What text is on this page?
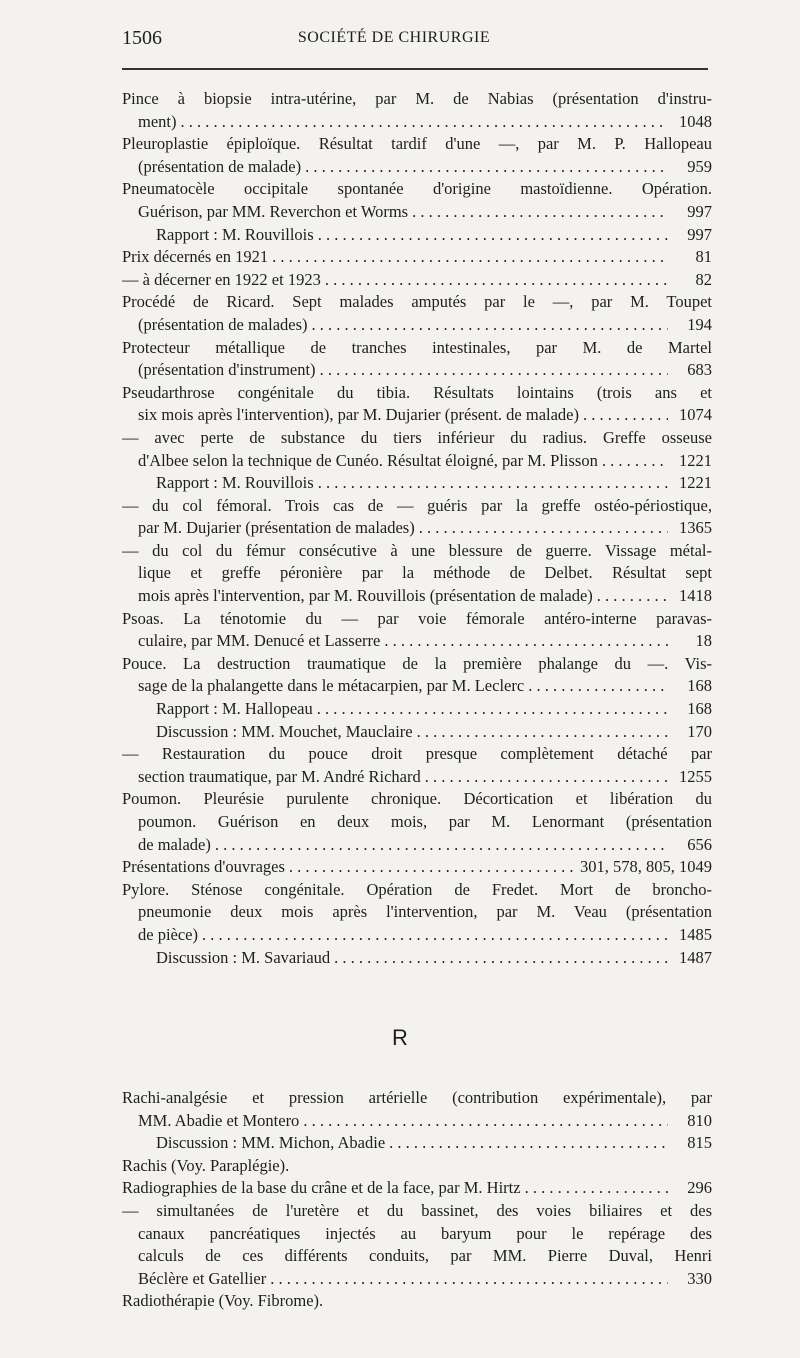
1506	SOCIÉTÉ DE CHIRURGIE
Pince à biopsie intra-utérine, par M. de Nabias (présentation d'instru-
ment) . . .	1048
Pleuroplastie épiploïque. Résultat tardif d'une —, par M. P. Hallopeau
(présentation de malade) . . .	959
Pneumatocèle occipitale spontanée d'origine mastoïdienne. Opération.
Guérison, par MM. Reverchon et Worms . . .	997
Rapport : M. Rouvillois . . .	997
Prix décernés en 1921 . . .	81
— à décerner en 1922 et 1923 . . .	82
Procédé de Ricard. Sept malades amputés par le —, par M. Toupet
(présentation de malades) . . .	194
Protecteur métallique de tranches intestinales, par M. de Martel
(présentation d'instrument) . . .	683
Pseudarthrose congénitale du tibia. Résultats lointains (trois ans et
six mois après l'intervention), par M. Dujarier (présent. de malade) . . .	1074
— avec perte de substance du tiers inférieur du radius. Greffe osseuse
d'Albee selon la technique de Cunéo. Résultat éloigné, par M. Plisson . . .	1221
Rapport : M. Rouvillois . . .	1221
— du col fémoral. Trois cas de — guéris par la greffe ostéo-périostique,
par M. Dujarier (présentation de malades) . . .	1365
— du col du fémur consécutive à une blessure de guerre. Vissage métal-
lique et greffe péronière par la méthode de Delbet. Résultat sept
mois après l'intervention, par M. Rouvillois (présentation de malade) . . .	1418
Psoas. La ténotomie du — par voie fémorale antéro-interne paravas-
culaire, par MM. Denucé et Lasserre . . .	18
Pouce. La destruction traumatique de la première phalange du —. Vis-
sage de la phalangette dans le métacarpien, par M. Leclerc . . .	168
Rapport : M. Hallopeau . . .	168
Discussion : MM. Mouchet, Mauclaire . . .	170
— Restauration du pouce droit presque complètement détaché par
section traumatique, par M. André Richard . . .	1255
Poumon. Pleurésie purulente chronique. Décortication et libération du
poumon. Guérison en deux mois, par M. Lenormant (présentation
de malade) . . .	656
Présentations d'ouvrages . . .	301, 578, 805, 1049
Pylore. Sténose congénitale. Opération de Fredet. Mort de broncho-
pneumonie deux mois après l'intervention, par M. Veau (présentation
de pièce) . . .	1485
Discussion : M. Savariaud . . .	1487
R
Rachi-analgésie et pression artérielle (contribution expérimentale), par
MM. Abadie et Montero . . .	810
Discussion : MM. Michon, Abadie . . .	815
Rachis (Voy. Paraplégie).
Radiographies de la base du crâne et de la face, par M. Hirtz . . .	296
— simultanées de l'uretère et du bassinet, des voies biliaires et des
canaux pancréatiques injectés au baryum pour le repérage des
calculs de ces différents conduits, par MM. Pierre Duval, Henri
Béclère et Gatellier . . .	330
Radiothérapie (Voy. Fibrome).
